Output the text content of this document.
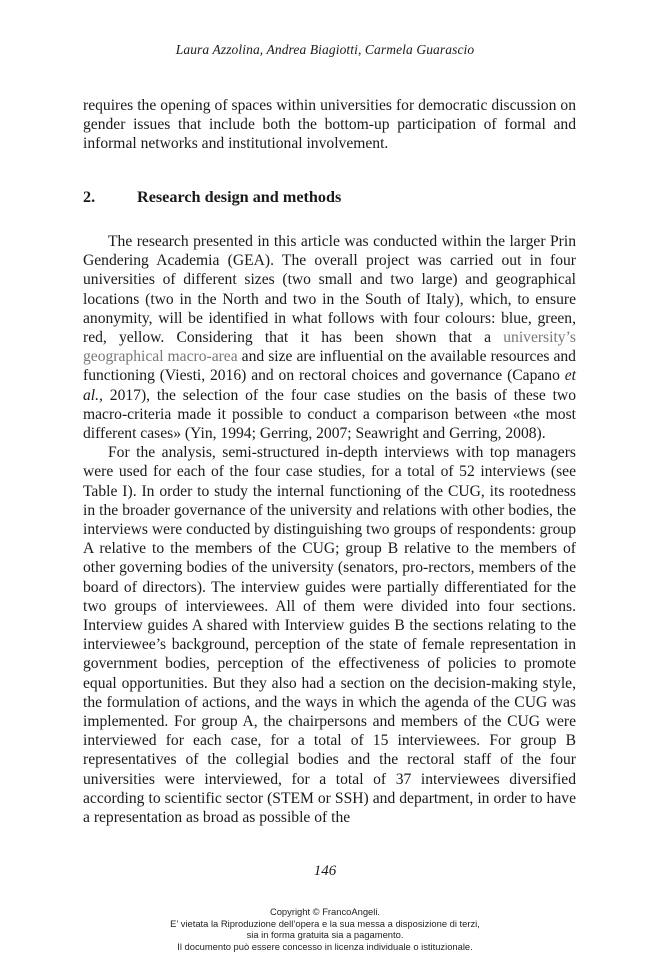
Laura Azzolina, Andrea Biagiotti, Carmela Guarascio

requires the opening of spaces within universities for democratic discussion on gender issues that include both the bottom-up participation of formal and informal networks and institutional involvement.

2.	Research design and methods

The research presented in this article was conducted within the larger Prin Gendering Academia (GEA). The overall project was carried out in four universities of different sizes (two small and two large) and geographical locations (two in the North and two in the South of Italy), which, to ensure anonymity, will be identified in what follows with four colours: blue, green, red, yellow. Considering that it has been shown that a university’s geographical macro-area and size are influential on the available resources and functioning (Viesti, 2016) and on rectoral choices and governance (Capano et al., 2017), the selection of the four case studies on the basis of these two macro-criteria made it possible to conduct a comparison between «the most different cases» (Yin, 1994; Gerring, 2007; Seawright and Gerring, 2008).

For the analysis, semi-structured in-depth interviews with top managers were used for each of the four case studies, for a total of 52 interviews (see Table I). In order to study the internal functioning of the CUG, its rootedness in the broader governance of the university and relations with other bodies, the interviews were conducted by distinguishing two groups of respondents: group A relative to the members of the CUG; group B relative to the members of other governing bodies of the university (senators, pro-rectors, members of the board of directors). The interview guides were partially differentiated for the two groups of interviewees. All of them were divided into four sections. Interview guides A shared with Interview guides B the sections relating to the interviewee’s background, perception of the state of female representation in government bodies, perception of the effectiveness of policies to promote equal opportunities. But they also had a section on the decision-making style, the formulation of actions, and the ways in which the agenda of the CUG was implemented. For group A, the chairpersons and members of the CUG were interviewed for each case, for a total of 15 interviewees. For group B representatives of the collegial bodies and the rectoral staff of the four universities were interviewed, for a total of 37 interviewees diversified according to scientific sector (STEM or SSH) and department, in order to have a representation as broad as possible of the

146
Copyright © FrancoAngeli.
E’ vietata la Riproduzione dell’opera e la sua messa a disposizione di terzi,
sia in forma gratuita sia a pagamento.
Il documento può essere concesso in licenza individuale o istituzionale.
